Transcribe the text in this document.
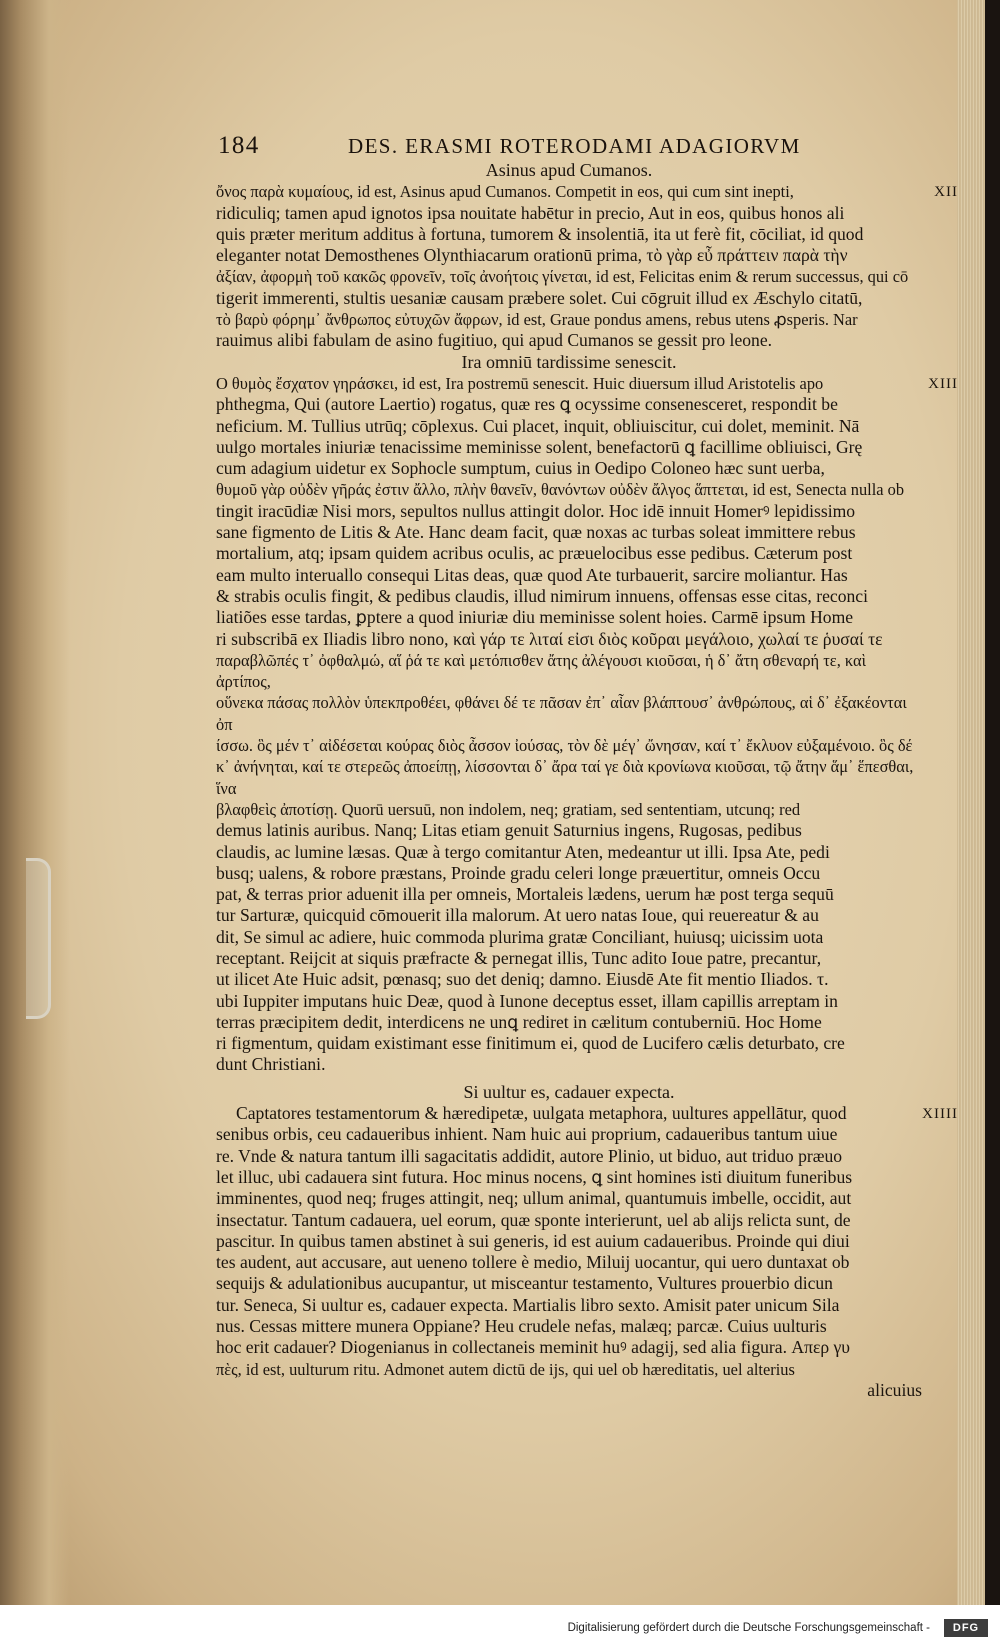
184	DES. ERASMI ROTERODAMI ADAGIORVM

Asinus apud Cumanos.

XII

ὄνος παρὰ κυμαίους, id est, Asinus apud Cumanos. Competit in eos, qui cum sint inepti,

ridiculiq; tamen apud ignotos ipsa nouitate habētur in precio, Aut in eos, quibus honos ali

quis præter meritum additus à fortuna, tumorem & insolentiā, ita ut ferè fit, cōciliat, id quod

eleganter notat Demosthenes Olynthiacarum orationū prima, τὸ γὰρ εὖ πράττειν παρὰ τὴν

ἀξίαν, ἀφορμὴ τοῦ κακῶς φρονεῖν, τοῖς ἀνοήτοις γίνεται, id est, Felicitas enim & rerum successus, qui cō

tigerit immerenti, stultis uesaniæ causam præbere solet. Cui cōgruit illud ex Æschylo citatū,

τὸ βαρὺ φόρημ᾽ ἄνθρωπος εὐτυχῶν ἄφρων, id est, Graue pondus amens, rebus utens ꝓsperis. Nar

rauimus alibi fabulam de asino fugitiuo, qui apud Cumanos se gessit pro leone.

Ira omniū tardissime senescit.

XIII

Ο θυμὸς ἔσχατον γηράσκει, id est, Ira postremū senescit. Huic diuersum illud Aristotelis apo

phthegma, Qui (autore Laertio) rogatus, quæ res ꝗ ocyssime consenesceret, respondit be

neficium. M. Tullius utrūq; cōplexus. Cui placet, inquit, obliuiscitur, cui dolet, meminit. Nā

uulgo mortales iniuriæ tenacissime meminisse solent, benefactorū ꝗ facillime obliuisci, Grę

cum adagium uidetur ex Sophocle sumptum, cuius in Oedipo Coloneo hæc sunt uerba,

θυμοῦ γὰρ οὐδὲν γῆράς ἐστιν ἄλλο, πλὴν θανεῖν, θανόντων οὐδὲν ἄλγος ἅπτεται, id est, Senecta nulla ob

tingit iracūdiæ Nisi mors, sepultos nullus attingit dolor. Hoc idē innuit Homerꝰ lepidissimo

sane figmento de Litis & Ate. Hanc deam facit, quæ noxas ac turbas soleat immittere rebus

mortalium, atq; ipsam quidem acribus oculis, ac præuelocibus esse pedibus. Cæterum post

eam multo interuallo consequi Litas deas, quæ quod Ate turbauerit, sarcire moliantur. Has

& strabis oculis fingit, & pedibus claudis, illud nimirum innuens, offensas esse citas, reconci

liatiões esse tardas, ꝑptere a quod iniuriæ diu meminisse solent hoies. Carmē ipsum Home

ri subscribā ex Iliadis libro nono, καὶ γάρ τε λιταί εἰσι διὸς κοῦραι μεγάλοιο, χωλαί τε ῥυσαί τε

παραβλῶπές τ᾽ ὀφθαλμώ, αἵ ῥά τε καὶ μετόπισθεν ἄτης ἀλέγουσι κιοῦσαι, ἡ δ᾽ ἄτη σθεναρή τε, καὶ ἀρτίπος,

οὕνεκα πάσας πολλὸν ὑπεκπροθέει, φθάνει δέ τε πᾶσαν ἐπ᾽ αἶαν βλάπτουσ᾽ ἀνθρώπους, αἱ δ᾽ ἐξακέονται ὀπ

ίσσω. ὃς μέν τ᾽ αἰδέσεται κούρας διὸς ἆσσον ἰούσας, τὸν δὲ μέγ᾽ ὤνησαν, καί τ᾽ ἔκλυον εὐξαμένοιο. ὃς δέ

κ᾽ ἀνήνηται, καί τε στερεῶς ἀποείπῃ, λίσσονται δ᾽ ἄρα ταί γε διὰ κρονίωνα κιοῦσαι, τῷ ἄτην ἅμ᾽ ἕπεσθαι, ἵνα

βλαφθεὶς ἀποτίσῃ. Quorū uersuū, non indolem, neq; gratiam, sed sententiam, utcunq; red

demus latinis auribus. Nanq; Litas etiam genuit Saturnius ingens, Rugosas, pedibus

claudis, ac lumine læsas. Quæ à tergo comitantur Aten, medeantur ut illi. Ipsa Ate, pedi

busq; ualens, & robore præstans, Proinde gradu celeri longe præuertitur, omneis Occu

pat, & terras prior aduenit illa per omneis, Mortaleis lædens, uerum hæ post terga sequū

tur Sarturæ, quicquid cōmouerit illa malorum. At uero natas Ioue, qui reuereatur & au

dit, Se simul ac adiere, huic commoda plurima gratæ Conciliant, huiusq; uicissim uota

receptant. Reijcit at siquis præfracte & pernegat illis, Tunc adito Ioue patre, precantur,

ut ilicet Ate Huic adsit, pœnasq; suo det deniq; damno. Eiusdē Ate fit mentio Iliados. τ.

ubi Iuppiter imputans huic Deæ, quod à Iunone deceptus esset, illam capillis arreptam in

terras præcipitem dedit, interdicens ne unꝗ rediret in cælitum contuberniū. Hoc Home

ri figmentum, quidam existimant esse finitimum ei, quod de Lucifero cælis deturbato, cre

dunt Christiani.

Si uultur es, cadauer expecta.

XIIII

Captatores testamentorum & hæredipetæ, uulgata metaphora, uultures appellātur, quod

senibus orbis, ceu cadaueribus inhient. Nam huic aui proprium, cadaueribus tantum uiue

re. Vnde & natura tantum illi sagacitatis addidit, autore Plinio, ut biduo, aut triduo præuo

let illuc, ubi cadauera sint futura. Hoc minus nocens, ꝗ sint homines isti diuitum funeribus

imminentes, quod neq; fruges attingit, neq; ullum animal, quantumuis imbelle, occidit, aut

insectatur. Tantum cadauera, uel eorum, quæ sponte interierunt, uel ab alijs relicta sunt, de

pascitur. In quibus tamen abstinet à sui generis, id est auium cadaueribus. Proinde qui diui

tes audent, aut accusare, aut ueneno tollere è medio, Miluij uocantur, qui uero duntaxat ob

sequijs & adulationibus aucupantur, ut misceantur testamento, Vultures prouerbio dicun

tur. Seneca, Si uultur es, cadauer expecta. Martialis libro sexto. Amisit pater unicum Sila

nus. Cessas mittere munera Oppiane? Heu crudele nefas, malæq; parcæ. Cuius uulturis

hoc erit cadauer? Diogenianus in collectaneis meminit huꝰ adagij, sed alia figura. Απερ γυ

πὲς, id est, uulturum ritu. Admonet autem dictū de ijs, qui uel ob hæreditatis, uel alterius

alicuius

Digitalisierung gefördert durch die Deutsche Forschungsgemeinschaft -	DFG
